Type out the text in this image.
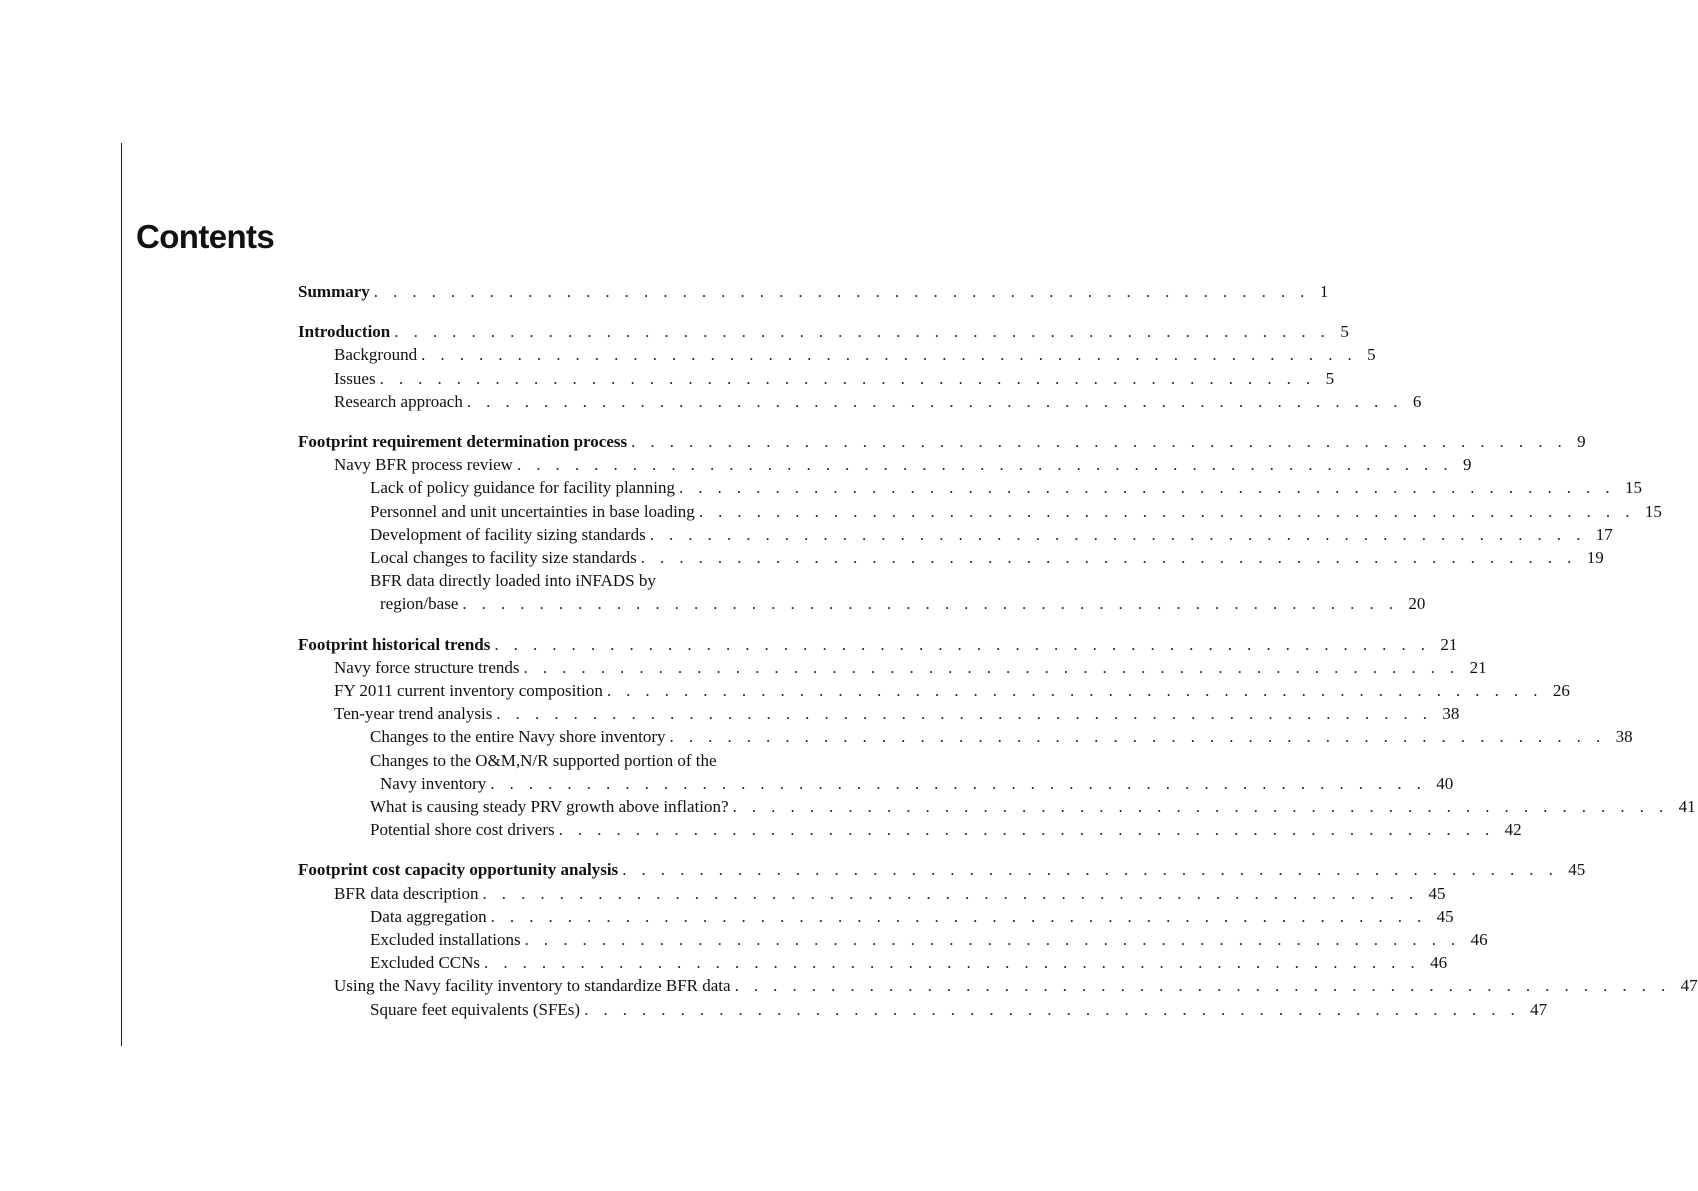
Contents
Summary . . . . . . . . . . . . . . . . . . . . . . . . . . . . . . . . . . . . . . . . . . . . . . . . . 1
Introduction . . . . . . . . . . . . . . . . . . . . . . . . . . . . . . . . . . . . . . . . . . . . . . . . . 5
Background . . . . . . . . . . . . . . . . . . . . . . . . . . . . . . . . . . . . . . . . . . . . . . . . . 5
Issues . . . . . . . . . . . . . . . . . . . . . . . . . . . . . . . . . . . . . . . . . . . . . . . . . 5
Research approach . . . . . . . . . . . . . . . . . . . . . . . . . . . . . . . . . . . . . . . . . . . . . . . . . 6
Footprint requirement determination process . . . . . . . . . . . . . . . . . . . . . . . . . . . . . . . . . . . . . . . . . . . . . . . . . 9
Navy BFR process review . . . . . . . . . . . . . . . . . . . . . . . . . . . . . . . . . . . . . . . . . . . . . . . . . 9
Lack of policy guidance for facility planning . . . . . . . . . . . . . . . . . . . . . . . . . . . . . . . . . . . . . . . . . . . . . . . . . 15
Personnel and unit uncertainties in base loading . . . . . . . . . . . . . . . . . . . . . . . . . . . . . . . . . . . . . . . . . . . . . . . . . 15
Development of facility sizing standards . . . . . . . . . . . . . . . . . . . . . . . . . . . . . . . . . . . . . . . . . . . . . . . . . 17
Local changes to facility size standards . . . . . . . . . . . . . . . . . . . . . . . . . . . . . . . . . . . . . . . . . . . . . . . . . 19
BFR data directly loaded into iNFADS by
region/base . . . . . . . . . . . . . . . . . . . . . . . . . . . . . . . . . . . . . . . . . . . . . . . . . 20
Footprint historical trends . . . . . . . . . . . . . . . . . . . . . . . . . . . . . . . . . . . . . . . . . . . . . . . . . 21
Navy force structure trends . . . . . . . . . . . . . . . . . . . . . . . . . . . . . . . . . . . . . . . . . . . . . . . . . 21
FY 2011 current inventory composition . . . . . . . . . . . . . . . . . . . . . . . . . . . . . . . . . . . . . . . . . . . . . . . . . 26
Ten-year trend analysis . . . . . . . . . . . . . . . . . . . . . . . . . . . . . . . . . . . . . . . . . . . . . . . . . 38
Changes to the entire Navy shore inventory . . . . . . . . . . . . . . . . . . . . . . . . . . . . . . . . . . . . . . . . . . . . . . . . . 38
Changes to the O&M,N/R supported portion of the
Navy inventory . . . . . . . . . . . . . . . . . . . . . . . . . . . . . . . . . . . . . . . . . . . . . . . . . 40
What is causing steady PRV growth above inflation? . . . . . . . . . . . . . . . . . . . . . . . . . . . . . . . . . . . . . . . . . . . . . . . . . 41
Potential shore cost drivers . . . . . . . . . . . . . . . . . . . . . . . . . . . . . . . . . . . . . . . . . . . . . . . . . 42
Footprint cost capacity opportunity analysis . . . . . . . . . . . . . . . . . . . . . . . . . . . . . . . . . . . . . . . . . . . . . . . . . 45
BFR data description . . . . . . . . . . . . . . . . . . . . . . . . . . . . . . . . . . . . . . . . . . . . . . . . . 45
Data aggregation . . . . . . . . . . . . . . . . . . . . . . . . . . . . . . . . . . . . . . . . . . . . . . . . . 45
Excluded installations . . . . . . . . . . . . . . . . . . . . . . . . . . . . . . . . . . . . . . . . . . . . . . . . . 46
Excluded CCNs . . . . . . . . . . . . . . . . . . . . . . . . . . . . . . . . . . . . . . . . . . . . . . . . . 46
Using the Navy facility inventory to standardize BFR data . . . . . . . . . . . . . . . . . . . . . . . . . . . . . . . . . . . . . . . . . . . . . . . . . 47
Square feet equivalents (SFEs) . . . . . . . . . . . . . . . . . . . . . . . . . . . . . . . . . . . . . . . . . . . . . . . . . 47
